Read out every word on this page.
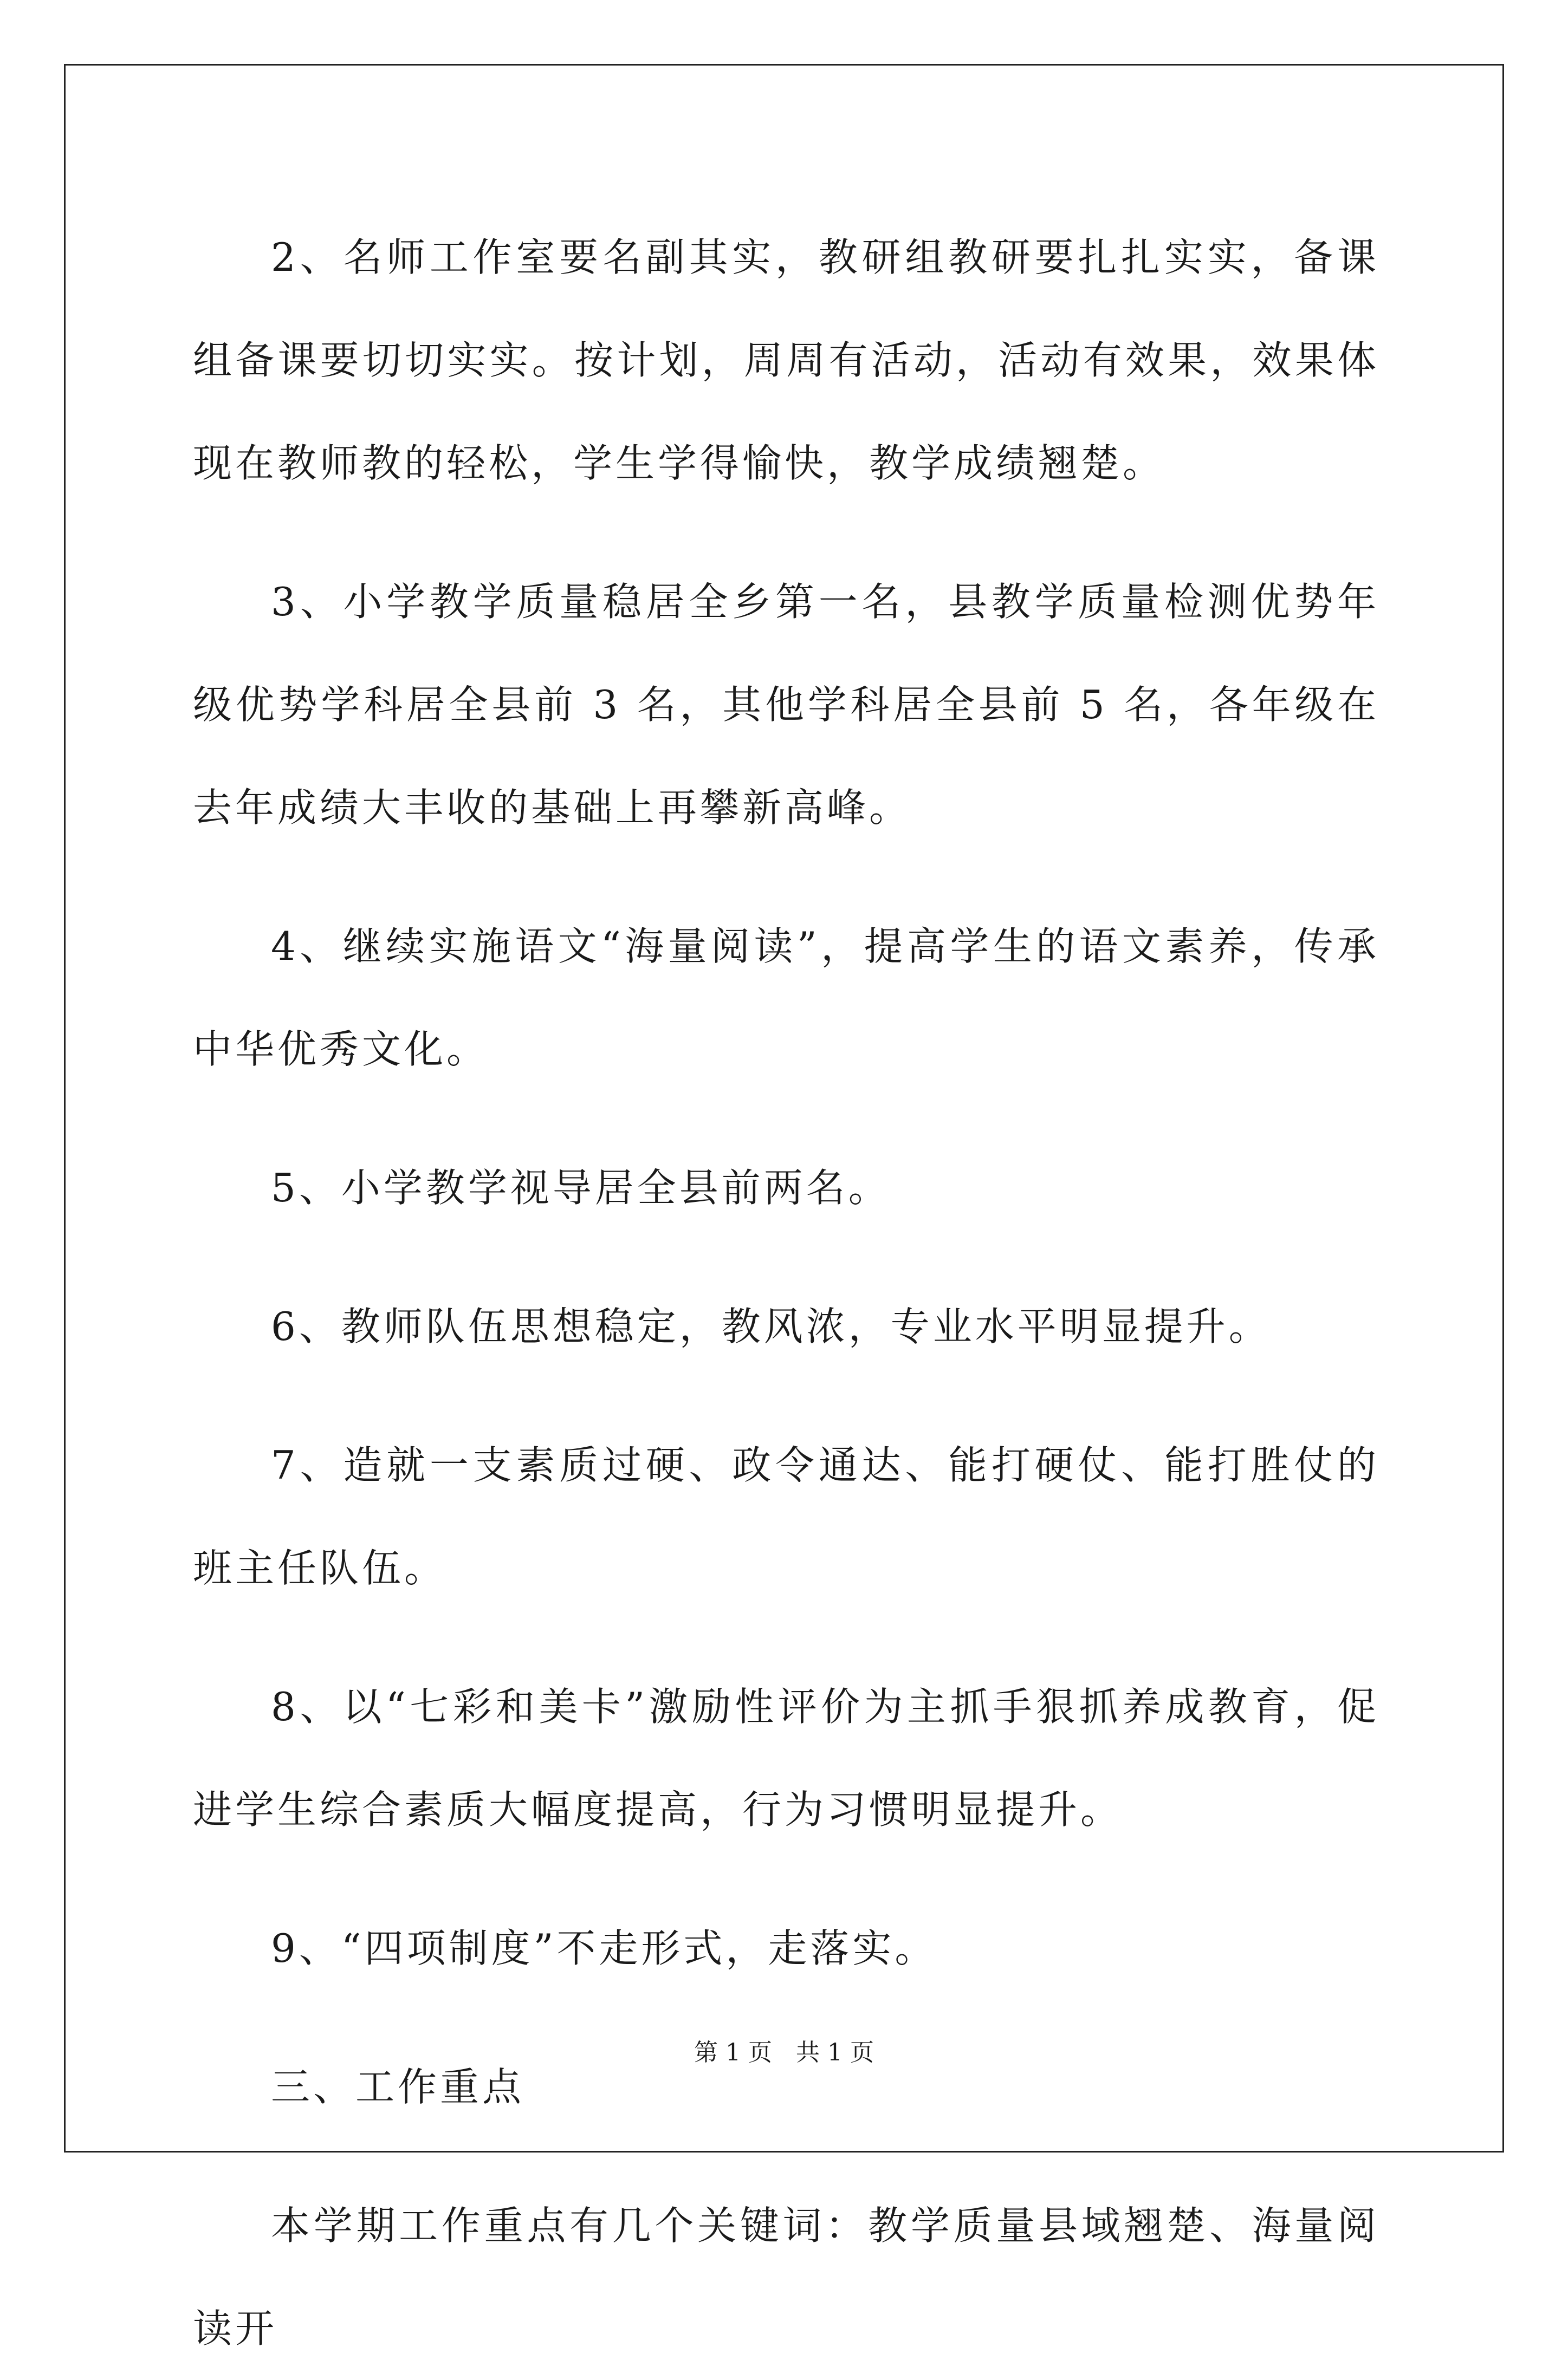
2、名师工作室要名副其实，教研组教研要扎扎实实，备课组备课要切切实实。按计划，周周有活动，活动有效果，效果体现在教师教的轻松，学生学得愉快，教学成绩翘楚。

3、小学教学质量稳居全乡第一名，县教学质量检测优势年级优势学科居全县前 3 名，其他学科居全县前 5 名，各年级在去年成绩大丰收的基础上再攀新高峰。

4、继续实施语文“海量阅读”，提高学生的语文素养，传承中华优秀文化。

5、小学教学视导居全县前两名。

6、教师队伍思想稳定，教风浓，专业水平明显提升。

7、造就一支素质过硬、政令通达、能打硬仗、能打胜仗的班主任队伍。

8、以“七彩和美卡”激励性评价为主抓手狠抓养成教育，促进学生综合素质大幅度提高，行为习惯明显提升。

9、“四项制度”不走形式，走落实。

三、工作重点

本学期工作重点有几个关键词：教学质量县域翘楚、海量阅读开

第 1 页　共 1 页
